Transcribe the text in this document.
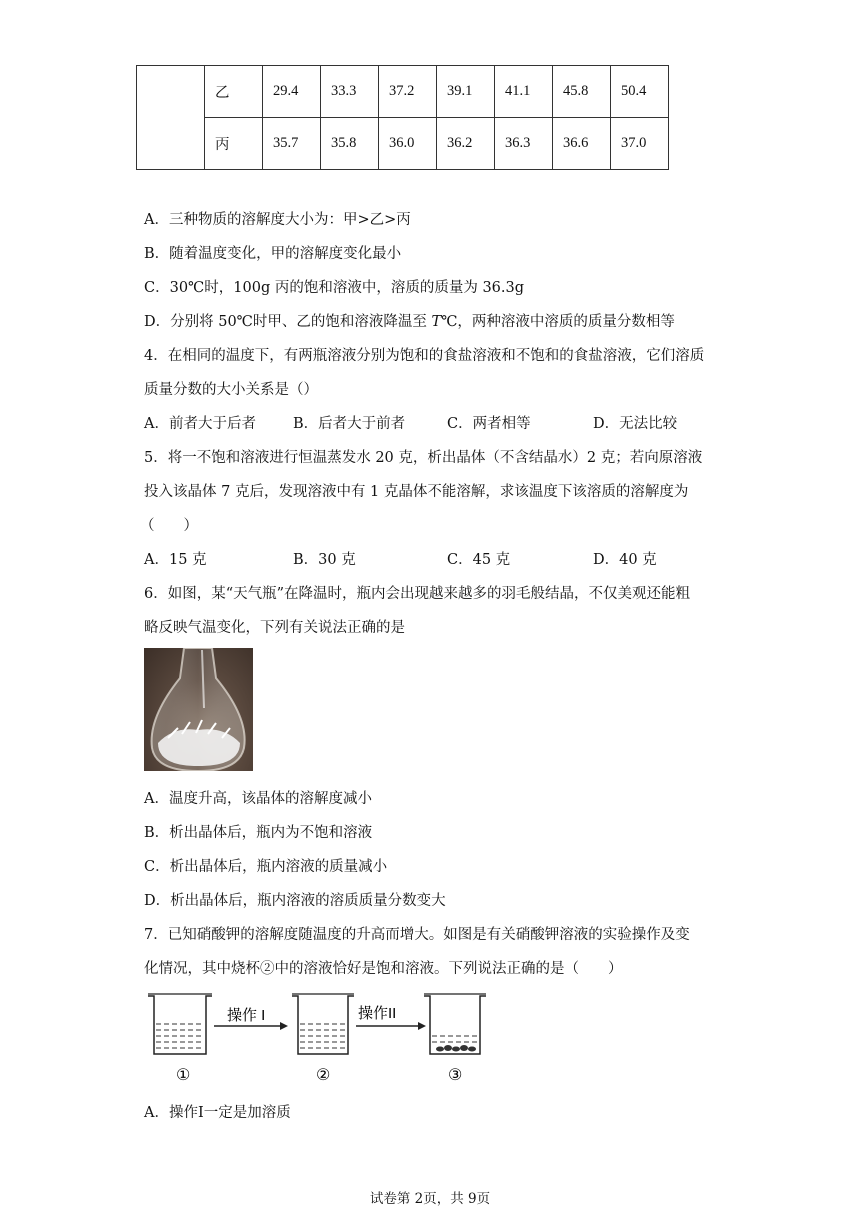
	乙	29.4	33.3	37.2	39.1	41.1	45.8	50.4
	丙	35.7	35.8	36.0	36.2	36.3	36.6	37.0
A．三种物质的溶解度大小为：甲>乙>丙
B．随着温度变化，甲的溶解度变化最小
C．30℃时，100g 丙的饱和溶液中，溶质的质量为 36.3g
D．分别将 50℃时甲、乙的饱和溶液降温至 T℃，两种溶液中溶质的质量分数相等
4．在相同的温度下，有两瓶溶液分别为饱和的食盐溶液和不饱和的食盐溶液，它们溶质
质量分数的大小关系是（）
A．前者大于后者	B．后者大于前者	C．两者相等	D．无法比较
5．将一不饱和溶液进行恒温蒸发水 20 克，析出晶体（不含结晶水）2 克；若向原溶液
投入该晶体 7 克后，发现溶液中有 1 克晶体不能溶解，求该温度下该溶质的溶解度为
（　　）
A．15 克	B．30 克	C．45 克	D．40 克
6．如图，某“天气瓶”在降温时，瓶内会出现越来越多的羽毛般结晶，不仅美观还能粗
略反映气温变化，下列有关说法正确的是
A．温度升高，该晶体的溶解度减小
B．析出晶体后，瓶内为不饱和溶液
C．析出晶体后，瓶内溶液的质量减小
D．析出晶体后，瓶内溶液的溶质质量分数变大
7．已知硝酸钾的溶解度随温度的升高而增大。如图是有关硝酸钾溶液的实验操作及变
化情况，其中烧杯②中的溶液恰好是饱和溶液。下列说法正确的是（　　）
操作 I	操作II
①	②	③
A．操作I一定是加溶质
试卷第 2页，共 9页
